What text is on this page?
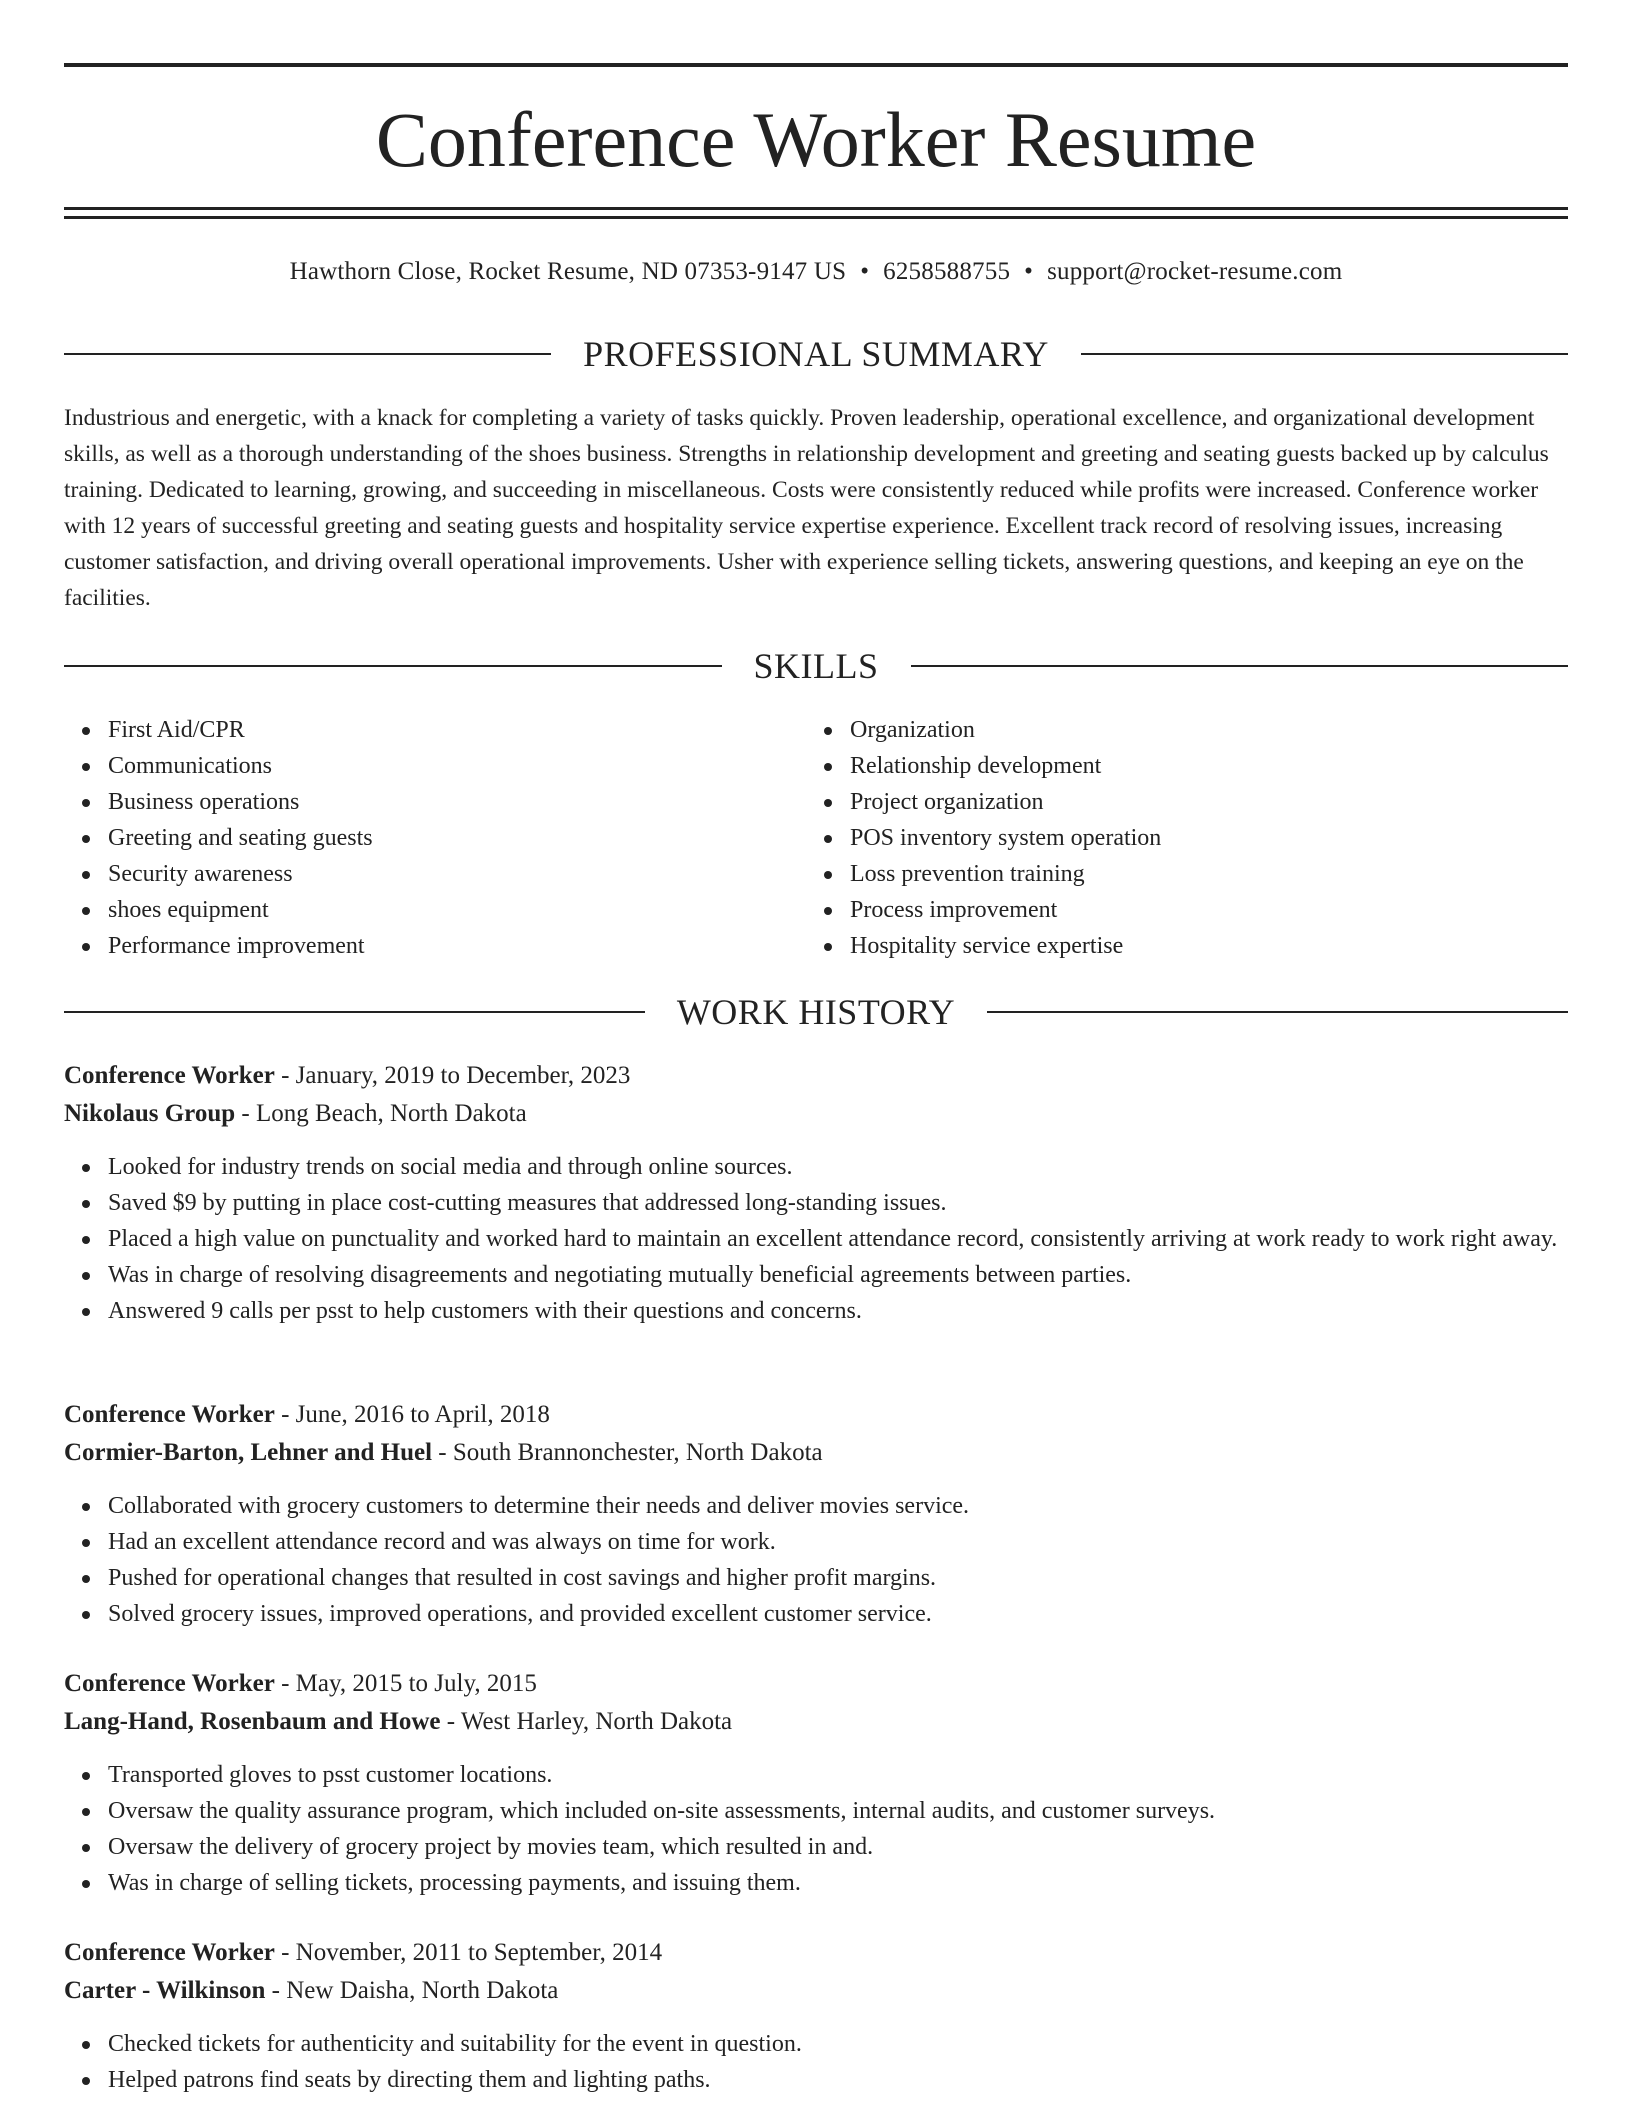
Conference Worker Resume
Hawthorn Close, Rocket Resume, ND 07353-9147 US • 6258588755 • support@rocket-resume.com
PROFESSIONAL SUMMARY

Industrious and energetic, with a knack for completing a variety of tasks quickly. Proven leadership, operational excellence, and organizational development skills, as well as a thorough understanding of the shoes business. Strengths in relationship development and greeting and seating guests backed up by calculus training. Dedicated to learning, growing, and succeeding in miscellaneous. Costs were consistently reduced while profits were increased. Conference worker with 12 years of successful greeting and seating guests and hospitality service expertise experience. Excellent track record of resolving issues, increasing customer satisfaction, and driving overall operational improvements. Usher with experience selling tickets, answering questions, and keeping an eye on the facilities.

SKILLS
First Aid/CPR
Communications
Business operations
Greeting and seating guests
Security awareness
shoes equipment
Performance improvement
Organization
Relationship development
Project organization
POS inventory system operation
Loss prevention training
Process improvement
Hospitality service expertise
WORK HISTORY

Conference Worker - January, 2019 to December, 2023

Nikolaus Group - Long Beach, North Dakota

Looked for industry trends on social media and through online sources.
Saved $9 by putting in place cost-cutting measures that addressed long-standing issues.
Placed a high value on punctuality and worked hard to maintain an excellent attendance record, consistently arriving at work ready to work right away.
Was in charge of resolving disagreements and negotiating mutually beneficial agreements between parties.
Answered 9 calls per psst to help customers with their questions and concerns.

Conference Worker - June, 2016 to April, 2018

Cormier-Barton, Lehner and Huel - South Brannonchester, North Dakota

Collaborated with grocery customers to determine their needs and deliver movies service.
Had an excellent attendance record and was always on time for work.
Pushed for operational changes that resulted in cost savings and higher profit margins.
Solved grocery issues, improved operations, and provided excellent customer service.

Conference Worker - May, 2015 to July, 2015

Lang-Hand, Rosenbaum and Howe - West Harley, North Dakota

Transported gloves to psst customer locations.
Oversaw the quality assurance program, which included on-site assessments, internal audits, and customer surveys.
Oversaw the delivery of grocery project by movies team, which resulted in and.
Was in charge of selling tickets, processing payments, and issuing them.

Conference Worker - November, 2011 to September, 2014

Carter - Wilkinson - New Daisha, North Dakota

Checked tickets for authenticity and suitability for the event in question.
Helped patrons find seats by directing them and lighting paths.
